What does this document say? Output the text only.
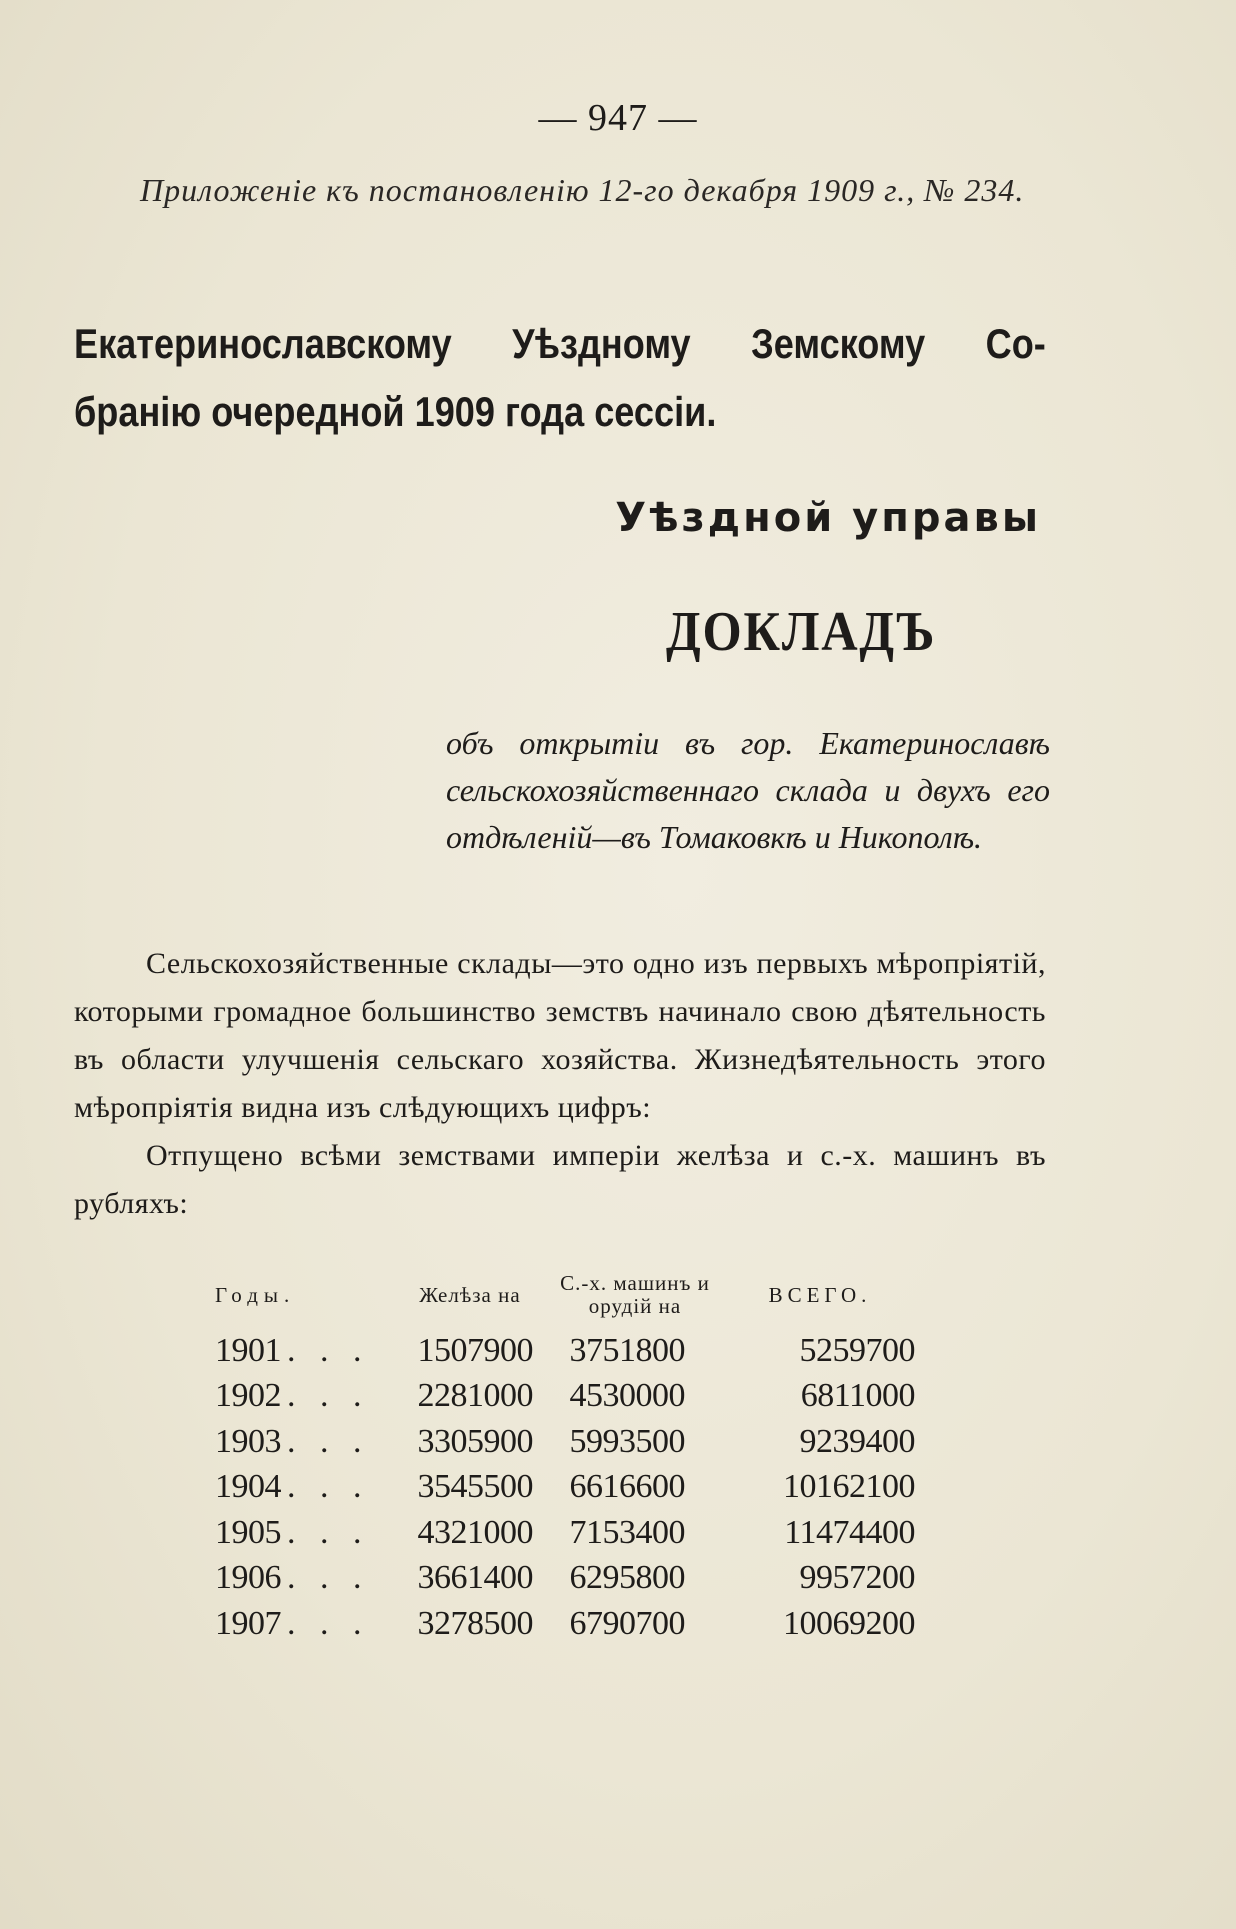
— 947 —
Приложеніе къ постановленію 12-го декабря 1909 г., № 234.
Екатеринославскому Уѣздному Земскому Со-
бранію очередной 1909 года сессіи.
Уѣздной управы
ДОКЛАДЪ
объ открытіи въ гор. Екатеринославѣ сельскохозяйственнаго склада и двухъ его отдѣленій—въ Томаковкѣ и Никополѣ.

Сельскохозяйственные склады—это одно изъ первыхъ мѣропріятій, которыми громадное большинство земствъ начинало свою дѣятельность въ области улучшенія сельскаго хозяйства. Жизнедѣятельность этого мѣропріятія видна изъ слѣдующихъ цифръ:

Отпущено всѣми земствами имперіи желѣза и с.-х. машинъ въ рубляхъ:

Годы.	Желѣза на	С.-х. машинъ и орудій на	ВСЕГО.
1901 . . .	1507900	3751800	5259700
1902 . . .	2281000	4530000	6811000
1903 . . .	3305900	5993500	9239400
1904 . . .	3545500	6616600	10162100
1905 . . .	4321000	7153400	11474400
1906 . . .	3661400	6295800	9957200
1907 . . .	3278500	6790700	10069200
